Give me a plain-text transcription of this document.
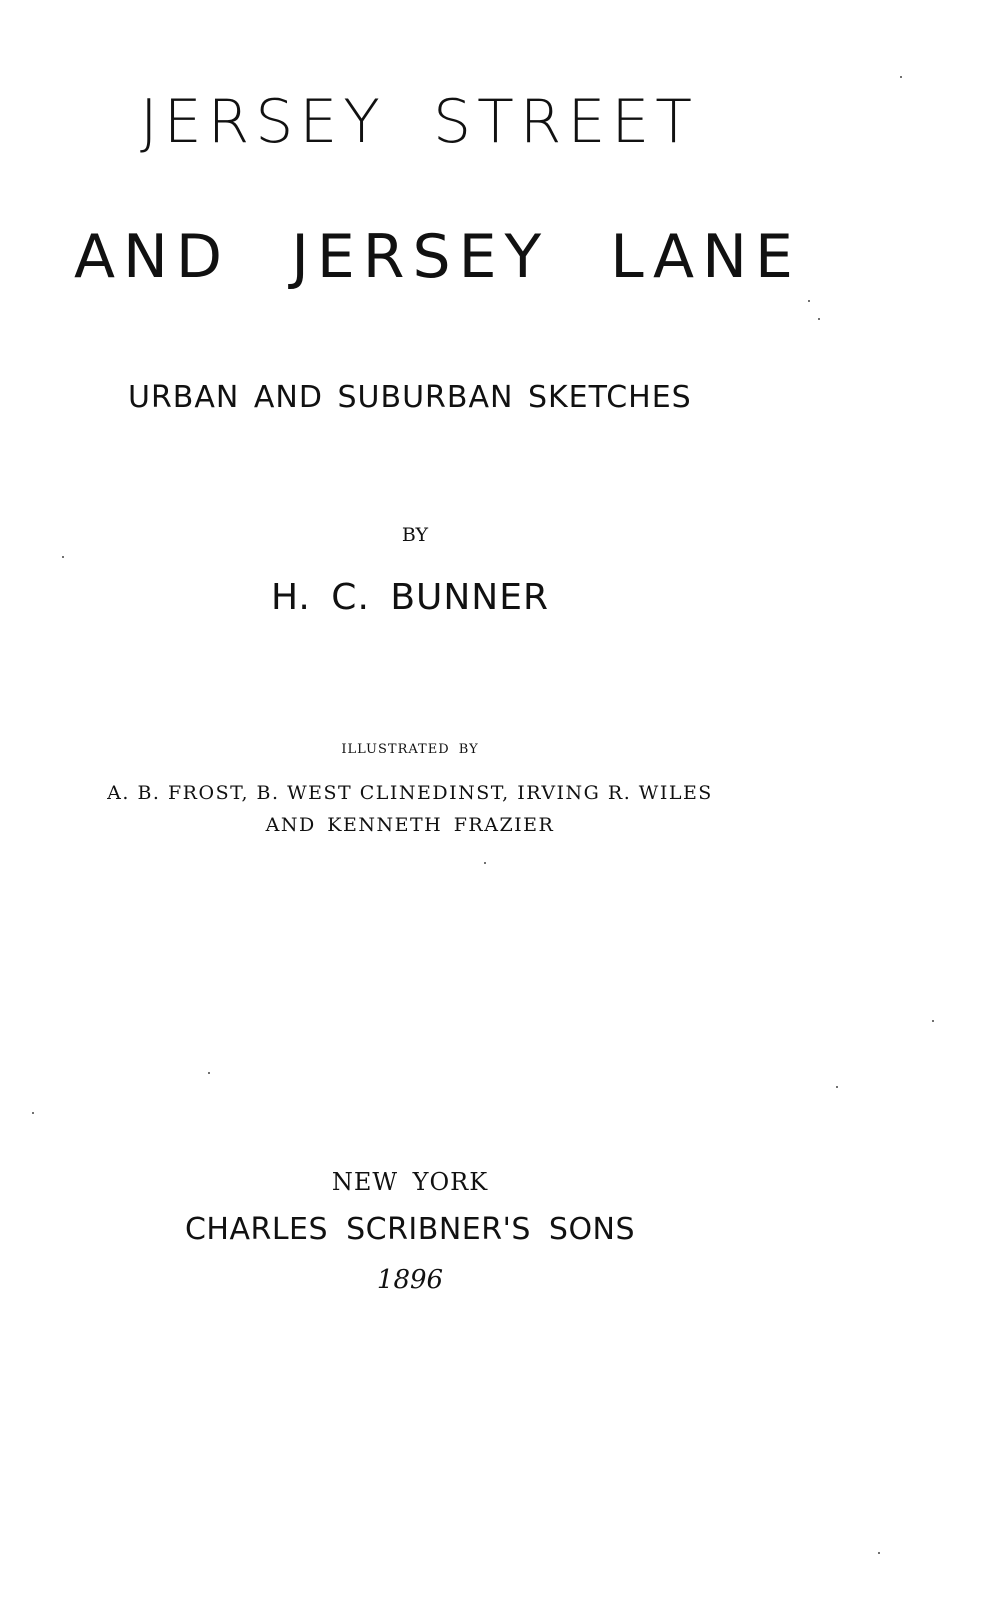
JERSEY STREET
AND JERSEY LANE

URBAN AND SUBURBAN SKETCHES

BY

H. C. BUNNER

ILLUSTRATED BY

A. B. FROST, B. WEST CLINEDINST, IRVING R. WILES

AND KENNETH FRAZIER

NEW YORK

CHARLES SCRIBNER'S SONS

1896
